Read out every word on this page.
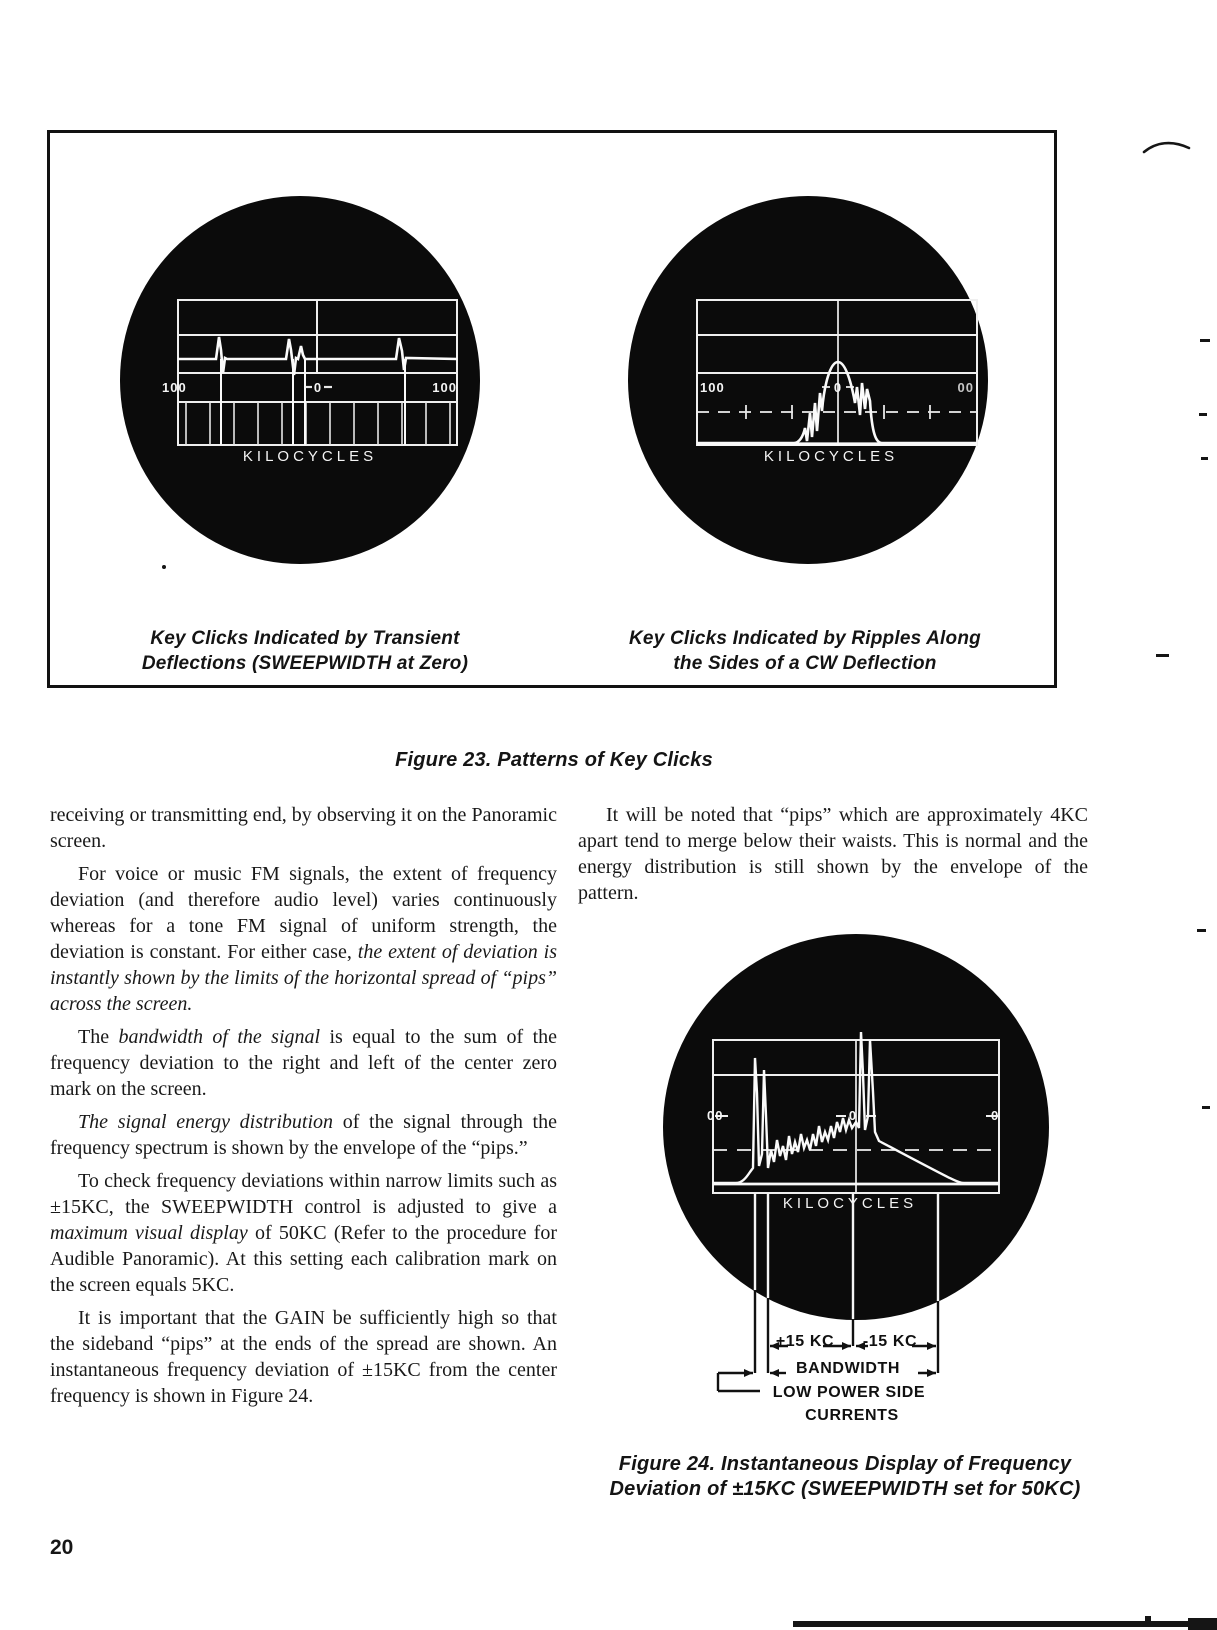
100	0	100
KILOCYCLES
100	0	00
KILOCYCLES
Key Clicks Indicated by Transient
Deflections (SWEEPWIDTH at Zero)
Key Clicks Indicated by Ripples Along
the Sides of a CW Deflection
Figure 23. Patterns of Key Clicks

receiving or transmitting end, by observing it on the Panoramic screen.

For voice or music FM signals, the extent of frequency deviation (and therefore audio level) varies continuously whereas for a tone FM signal of uniform strength, the deviation is constant. For either case, the extent of deviation is instantly shown by the limits of the horizontal spread of “pips” across the screen.

The bandwidth of the signal is equal to the sum of the frequency deviation to the right and left of the center zero mark on the screen.

The signal energy distribution of the signal through the frequency spectrum is shown by the envelope of the “pips.”

To check frequency deviations within narrow limits such as ±15KC, the SWEEPWIDTH control is adjusted to give a maximum visual display of 50KC (Refer to the procedure for Audible Panoramic). At this setting each calibration mark on the screen equals 5KC.

It is important that the GAIN be sufficiently high so that the sideband “pips” at the ends of the spread are shown. An instantaneous frequency deviation of ±15KC from the center frequency is shown in Figure 24.

It will be noted that “pips” which are approximately 4KC apart tend to merge below their waists. This is normal and the energy distribution is still shown by the envelope of the pattern.

00	0	0
KILOCYCLES
+15 KC	-15 KC
BANDWIDTH
LOW POWER SIDE
CURRENTS
Figure 24. Instantaneous Display of Frequency
Deviation of ±15KC (SWEEPWIDTH set for 50KC)
20
